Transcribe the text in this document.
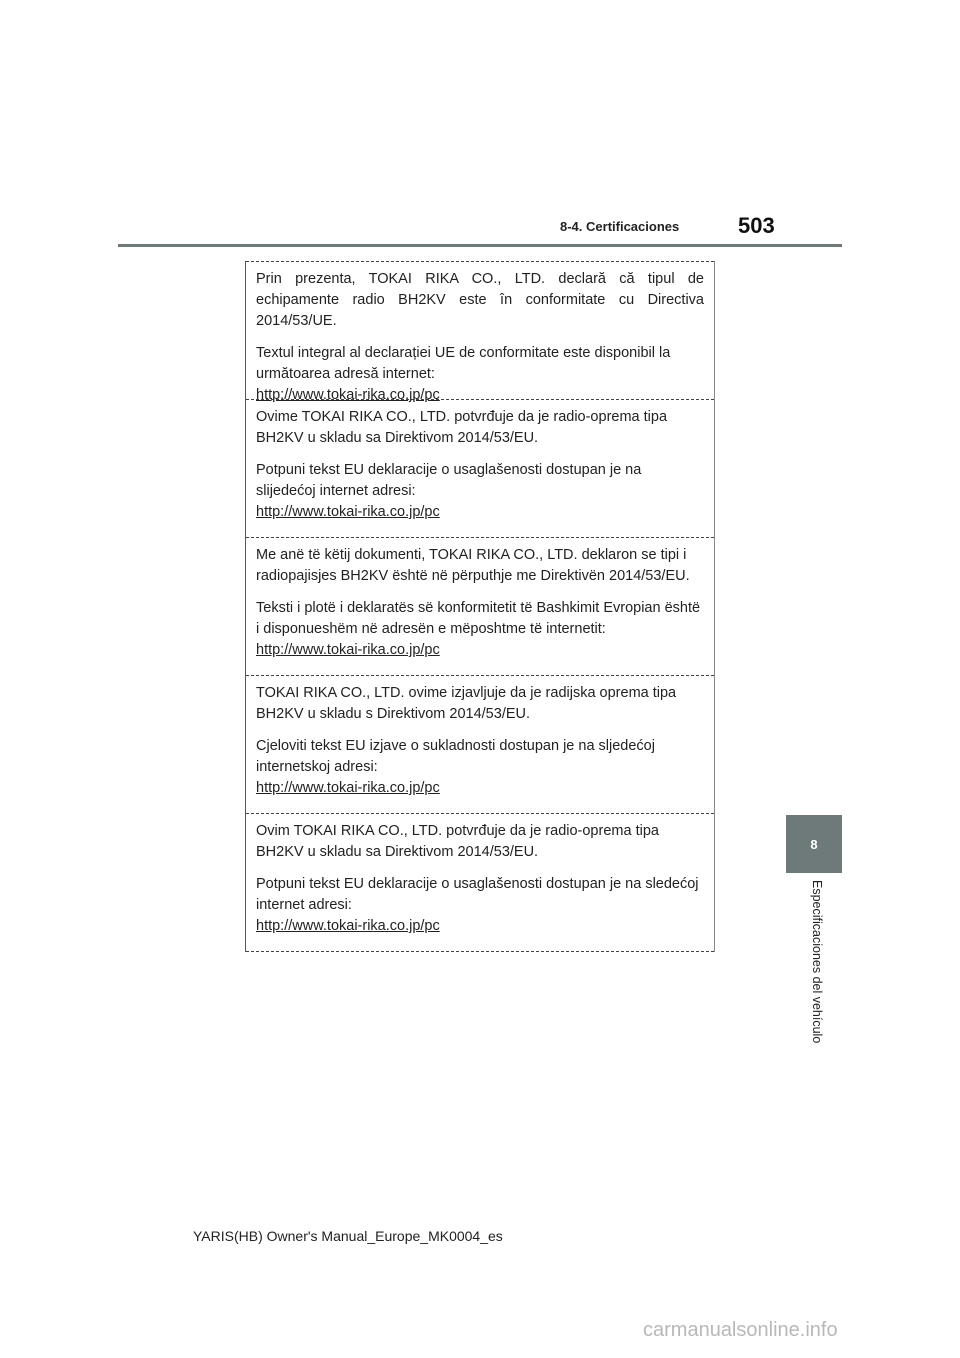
8-4. Certificaciones	503
8
Especificaciones del vehículo

Prin prezenta, TOKAI RIKA CO., LTD. declară că tipul de echipamente radio BH2KV este în conformitate cu Directiva 2014/53/UE.

Textul integral al declarației UE de conformitate este disponibil la următoarea adresă internet:

http://www.tokai-rika.co.jp/pc

Ovime TOKAI RIKA CO., LTD. potvrđuje da je radio-oprema tipa BH2KV u skladu sa Direktivom 2014/53/EU.

Potpuni tekst EU deklaracije o usaglašenosti dostupan je na slijedećoj internet adresi:

http://www.tokai-rika.co.jp/pc

Me anë të këtij dokumenti, TOKAI RIKA CO., LTD. deklaron se tipi i radiopajisjes BH2KV është në përputhje me Direktivën 2014/53/EU.

Teksti i plotë i deklaratës së konformitetit të Bashkimit Evropian është i disponueshëm në adresën e mëposhtme të internetit:

http://www.tokai-rika.co.jp/pc

TOKAI RIKA CO., LTD. ovime izjavljuje da je radijska oprema tipa BH2KV u skladu s Direktivom 2014/53/EU.

Cjeloviti tekst EU izjave o sukladnosti dostupan je na sljedećoj internetskoj adresi:

http://www.tokai-rika.co.jp/pc

Ovim TOKAI RIKA CO., LTD. potvrđuje da je radio-oprema tipa BH2KV u skladu sa Direktivom 2014/53/EU.

Potpuni tekst EU deklaracije o usaglašenosti dostupan je na sledećoj internet adresi:

http://www.tokai-rika.co.jp/pc

YARIS(HB) Owner's Manual_Europe_MK0004_es
carmanualsonline.info
